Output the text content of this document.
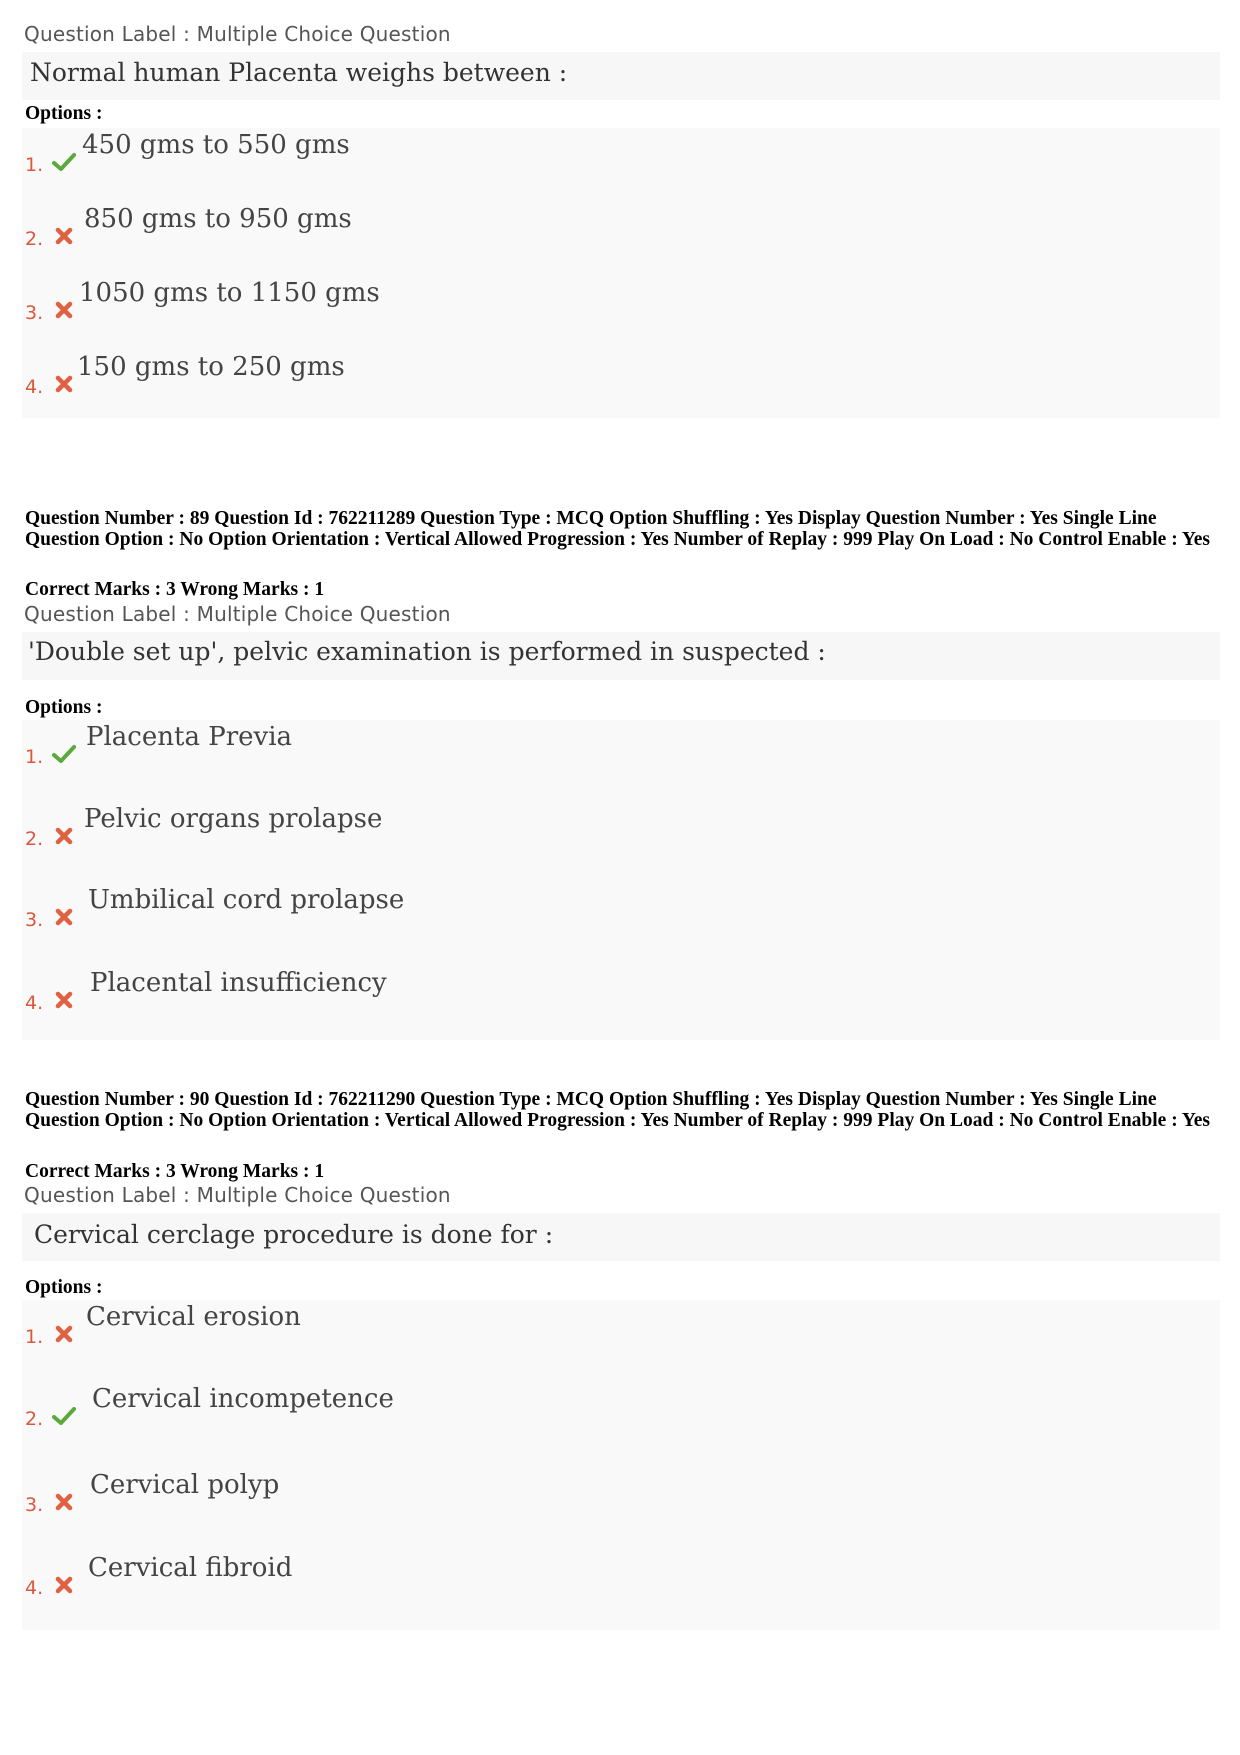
Question Label : Multiple Choice Question
Normal human Placenta weighs between :
Options :
1.
450 gms to 550 gms
2.
850 gms to 950 gms
3.
1050 gms to 1150 gms
4.
150 gms to 250 gms
Question Number : 89 Question Id : 762211289 Question Type : MCQ Option Shuffling : Yes Display Question Number : Yes Single Line Question Option : No Option Orientation : Vertical Allowed Progression : Yes Number of Replay : 999 Play On Load : No Control Enable : Yes
Correct Marks : 3 Wrong Marks : 1
Question Label : Multiple Choice Question
'Double set up', pelvic examination is performed in suspected :
Options :
1.
Placenta Previa
2.
Pelvic organs prolapse
3.
Umbilical cord prolapse
4.
Placental insufficiency
Question Number : 90 Question Id : 762211290 Question Type : MCQ Option Shuffling : Yes Display Question Number : Yes Single Line Question Option : No Option Orientation : Vertical Allowed Progression : Yes Number of Replay : 999 Play On Load : No Control Enable : Yes
Correct Marks : 3 Wrong Marks : 1
Question Label : Multiple Choice Question
Cervical cerclage procedure is done for :
Options :
1.
Cervical erosion
2.
Cervical incompetence
3.
Cervical polyp
4.
Cervical fibroid
